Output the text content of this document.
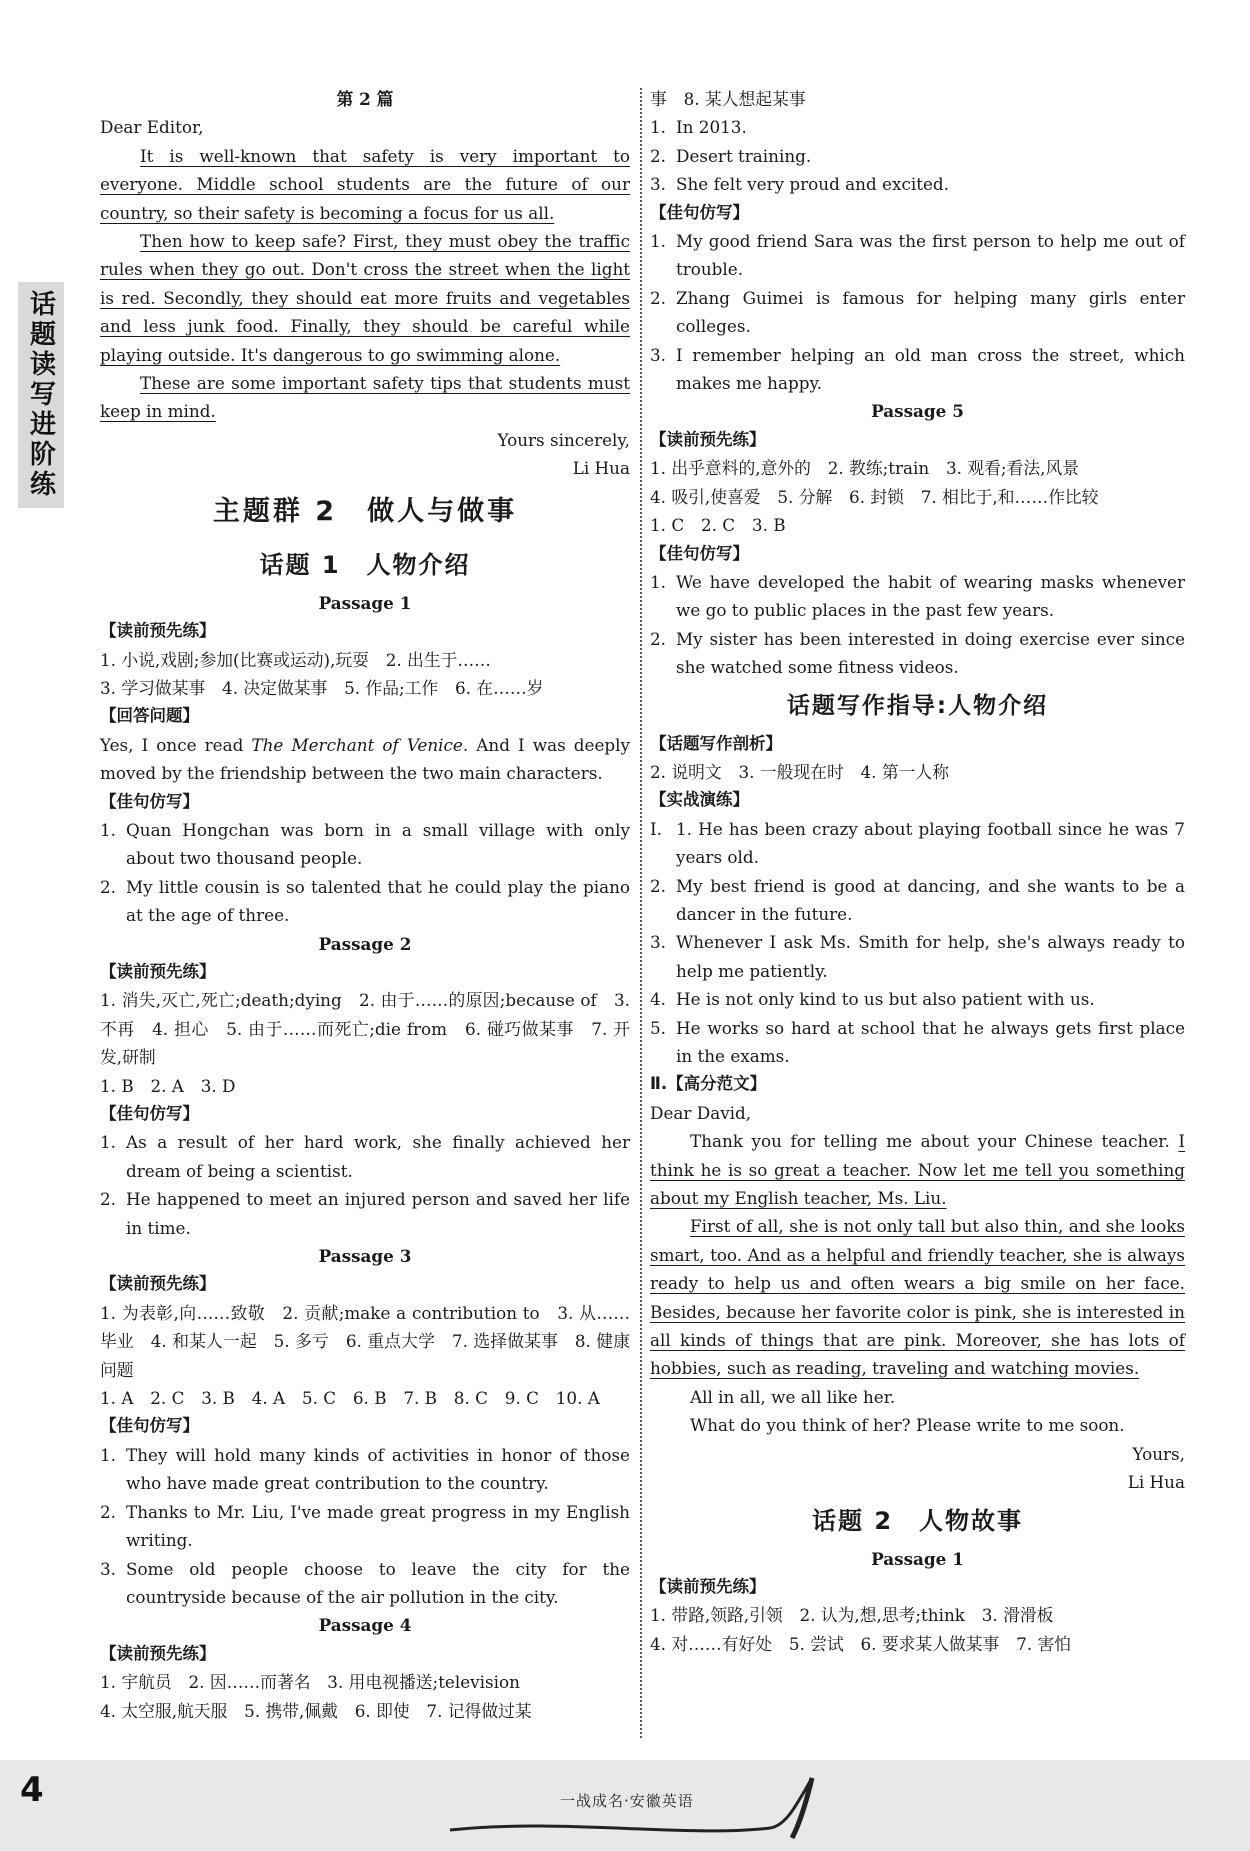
话题读写进阶练

第 2 篇

Dear Editor,

It is well-known that safety is very important to everyone. Middle school students are the future of our country, so their safety is becoming a focus for us all.

Then how to keep safe? First, they must obey the traffic rules when they go out. Don't cross the street when the light is red. Secondly, they should eat more fruits and vegetables and less junk food. Finally, they should be careful while playing outside. It's dangerous to go swimming alone.

These are some important safety tips that students must keep in mind.

Yours sincerely,

Li Hua

主题群 2　做人与做事
话题 1　人物介绍

Passage 1

【读前预先练】

1. 小说,戏剧;参加(比赛或运动),玩耍　2. 出生于……

3. 学习做某事　4. 决定做某事　5. 作品;工作　6. 在……岁

【回答问题】

Yes, I once read The Merchant of Venice. And I was deeply moved by the friendship between the two main characters.

【佳句仿写】

1. Quan Hongchan was born in a small village with only about two thousand people.

2. My little cousin is so talented that he could play the piano at the age of three.

Passage 2

【读前预先练】

1. 消失,灭亡,死亡;death;dying　2. 由于……的原因;because of　3. 不再　4. 担心　5. 由于……而死亡;die from　6. 碰巧做某事　7. 开发,研制

1. B　2. A　3. D

【佳句仿写】

1. As a result of her hard work, she finally achieved her dream of being a scientist.

2. He happened to meet an injured person and saved her life in time.

Passage 3

【读前预先练】

1. 为表彰,向……致敬　2. 贡献;make a contribution to　3. 从……毕业　4. 和某人一起　5. 多亏　6. 重点大学　7. 选择做某事　8. 健康问题

1. A　2. C　3. B　4. A　5. C　6. B　7. B　8. C　9. C　10. A

【佳句仿写】

1. They will hold many kinds of activities in honor of those who have made great contribution to the country.

2. Thanks to Mr. Liu, I've made great progress in my English writing.

3. Some old people choose to leave the city for the countryside because of the air pollution in the city.

Passage 4

【读前预先练】

1. 宇航员　2. 因……而著名　3. 用电视播送;television

4. 太空服,航天服　5. 携带,佩戴　6. 即使　7. 记得做过某

事　8. 某人想起某事

1. In 2013.

2. Desert training.

3. She felt very proud and excited.

【佳句仿写】

1. My good friend Sara was the first person to help me out of trouble.

2. Zhang Guimei is famous for helping many girls enter colleges.

3. I remember helping an old man cross the street, which makes me happy.

Passage 5

【读前预先练】

1. 出乎意料的,意外的　2. 教练;train　3. 观看;看法,风景

4. 吸引,使喜爱　5. 分解　6. 封锁　7. 相比于,和……作比较

1. C　2. C　3. B

【佳句仿写】

1. We have developed the habit of wearing masks whenever we go to public places in the past few years.

2. My sister has been interested in doing exercise ever since she watched some fitness videos.

话题写作指导:人物介绍

【话题写作剖析】

2. 说明文　3. 一般现在时　4. 第一人称

【实战演练】

Ⅰ. 1. He has been crazy about playing football since he was 7 years old.

2. My best friend is good at dancing, and she wants to be a dancer in the future.

3. Whenever I ask Ms. Smith for help, she's always ready to help me patiently.

4. He is not only kind to us but also patient with us.

5. He works so hard at school that he always gets first place in the exams.

Ⅱ.【高分范文】

Dear David,

Thank you for telling me about your Chinese teacher. I think he is so great a teacher. Now let me tell you something about my English teacher, Ms. Liu.

First of all, she is not only tall but also thin, and she looks smart, too. And as a helpful and friendly teacher, she is always ready to help us and often wears a big smile on her face. Besides, because her favorite color is pink, she is interested in all kinds of things that are pink. Moreover, she has lots of hobbies, such as reading, traveling and watching movies.

All in all, we all like her.

What do you think of her? Please write to me soon.

Yours,

Li Hua

话题 2　人物故事

Passage 1

【读前预先练】

1. 带路,领路,引领　2. 认为,想,思考;think　3. 滑滑板

4. 对……有好处　5. 尝试　6. 要求某人做某事　7. 害怕

4	一战成名·安徽英语
